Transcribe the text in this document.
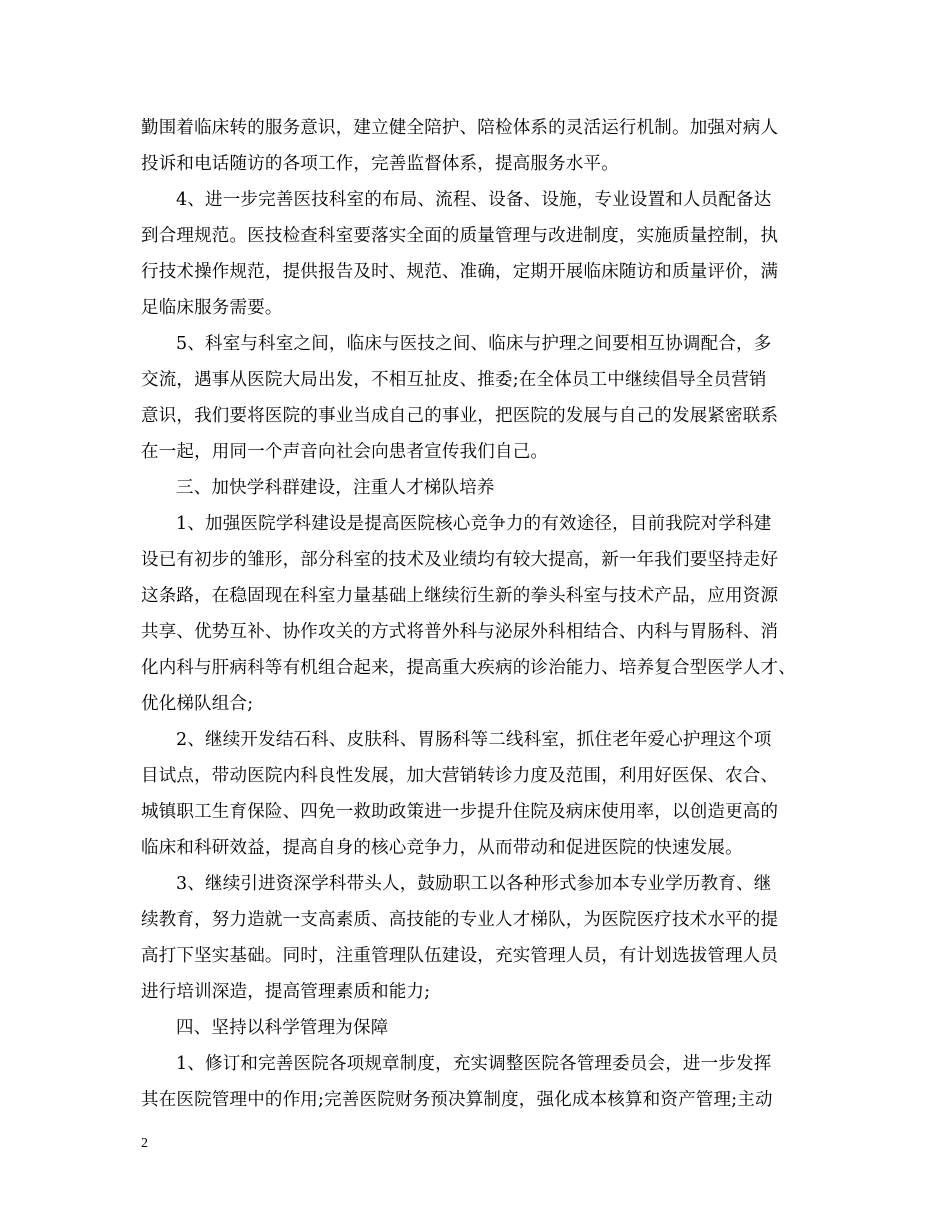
勤围着临床转的服务意识，建立健全陪护、陪检体系的灵活运行机制。加强对病人
投诉和电话随访的各项工作，完善监督体系，提高服务水平。
4、进一步完善医技科室的布局、流程、设备、设施，专业设置和人员配备达
到合理规范。医技检查科室要落实全面的质量管理与改进制度，实施质量控制，执
行技术操作规范，提供报告及时、规范、准确，定期开展临床随访和质量评价，满
足临床服务需要。
5、科室与科室之间，临床与医技之间、临床与护理之间要相互协调配合，多
交流，遇事从医院大局出发，不相互扯皮、推委;在全体员工中继续倡导全员营销
意识，我们要将医院的事业当成自己的事业，把医院的发展与自己的发展紧密联系
在一起，用同一个声音向社会向患者宣传我们自己。
三、加快学科群建设，注重人才梯队培养
1、加强医院学科建设是提高医院核心竞争力的有效途径，目前我院对学科建
设已有初步的雏形，部分科室的技术及业绩均有较大提高，新一年我们要坚持走好
这条路，在稳固现在科室力量基础上继续衍生新的拳头科室与技术产品，应用资源
共享、优势互补、协作攻关的方式将普外科与泌尿外科相结合、内科与胃肠科、消
化内科与肝病科等有机组合起来，提高重大疾病的诊治能力、培养复合型医学人才、
优化梯队组合;
2、继续开发结石科、皮肤科、胃肠科等二线科室，抓住老年爱心护理这个项
目试点，带动医院内科良性发展，加大营销转诊力度及范围，利用好医保、农合、
城镇职工生育保险、四免一救助政策进一步提升住院及病床使用率，以创造更高的
临床和科研效益，提高自身的核心竞争力，从而带动和促进医院的快速发展。
3、继续引进资深学科带头人，鼓励职工以各种形式参加本专业学历教育、继
续教育，努力造就一支高素质、高技能的专业人才梯队，为医院医疗技术水平的提
高打下坚实基础。同时，注重管理队伍建设，充实管理人员，有计划选拔管理人员
进行培训深造，提高管理素质和能力;
四、坚持以科学管理为保障
1、修订和完善医院各项规章制度，充实调整医院各管理委员会，进一步发挥
其在医院管理中的作用;完善医院财务预决算制度，强化成本核算和资产管理;主动
2
